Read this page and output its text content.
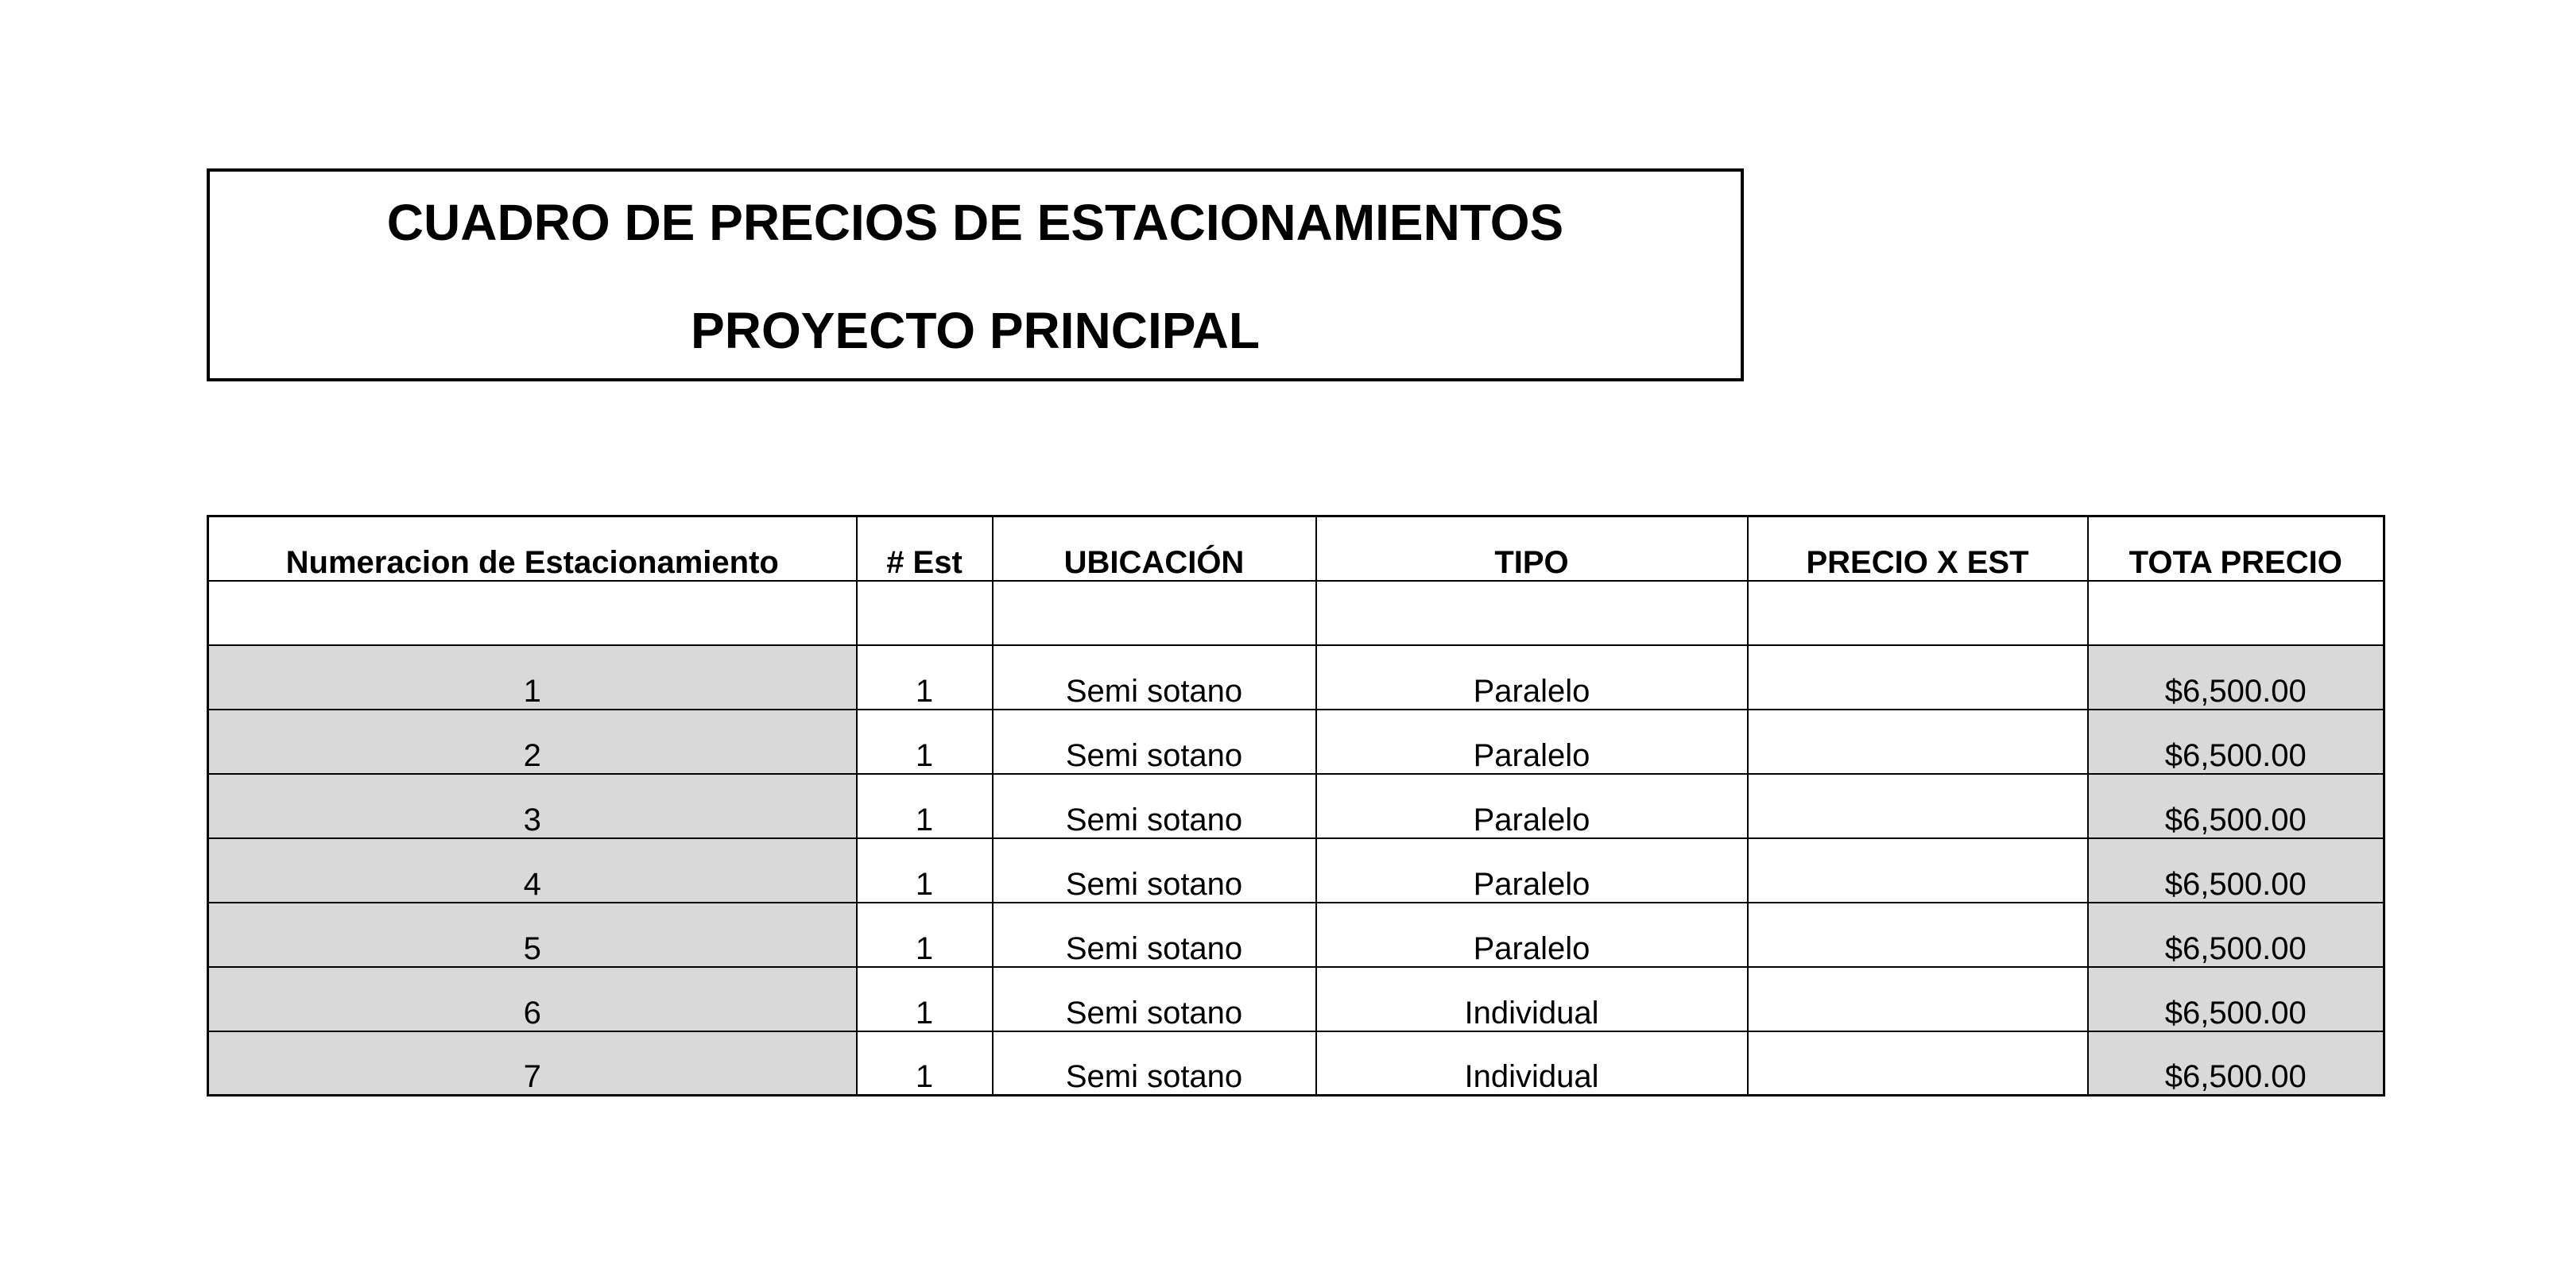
CUADRO DE PRECIOS DE ESTACIONAMIENTOS
PROYECTO PRINCIPAL
Numeracion de Estacionamiento	# Est	UBICACIÓN	TIPO	PRECIO X EST	TOTA PRECIO

1	1	Semi sotano	Paralelo		$6,500.00
2	1	Semi sotano	Paralelo		$6,500.00
3	1	Semi sotano	Paralelo		$6,500.00
4	1	Semi sotano	Paralelo		$6,500.00
5	1	Semi sotano	Paralelo		$6,500.00
6	1	Semi sotano	Individual		$6,500.00
7	1	Semi sotano	Individual		$6,500.00
